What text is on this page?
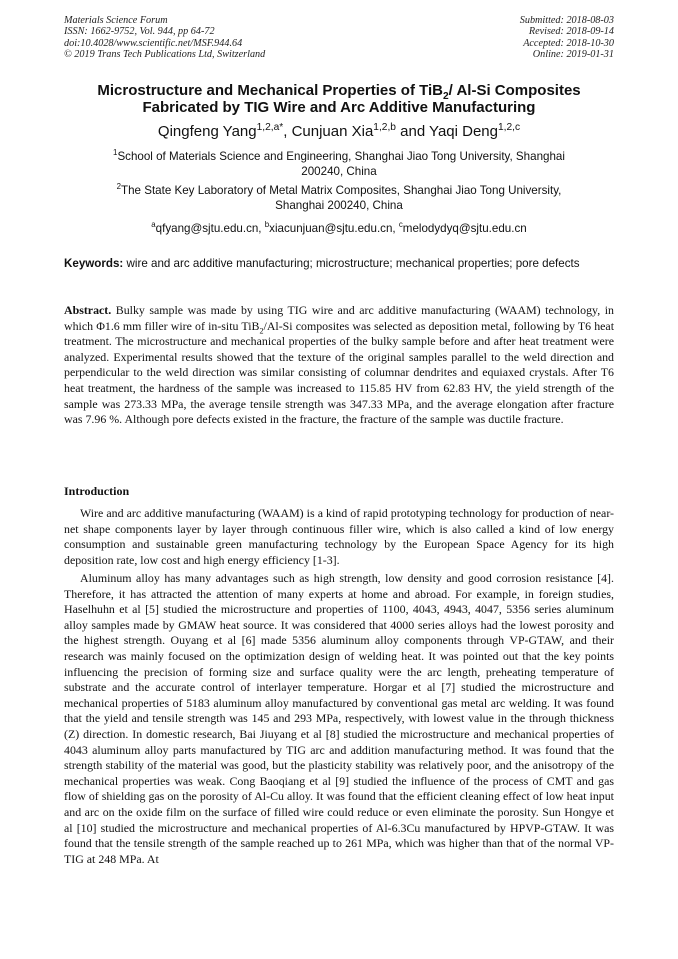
Materials Science Forum
ISSN: 1662-9752, Vol. 944, pp 64-72
doi:10.4028/www.scientific.net/MSF.944.64
© 2019 Trans Tech Publications Ltd, Switzerland
Submitted: 2018-08-03
Revised: 2018-09-14
Accepted: 2018-10-30
Online: 2019-01-31
Microstructure and Mechanical Properties of TiB$_2$/ Al-Si Composites
Fabricated by TIG Wire and Arc Additive Manufacturing
Qingfeng Yang$^{1,2,a*}$, Cunjuan Xia$^{1,2,b}$ and Yaqi Deng$^{1,2,c}$
$^1$School of Materials Science and Engineering, Shanghai Jiao Tong University, Shanghai
200240, China
$^2$The State Key Laboratory of Metal Matrix Composites, Shanghai Jiao Tong University,
Shanghai 200240, China
$^a$qfyang@sjtu.edu.cn, $^b$xiacunjuan@sjtu.edu.cn, $^c$melodydyq@sjtu.edu.cn
Keywords: wire and arc additive manufacturing; microstructure; mechanical properties; pore defects
Abstract. Bulky sample was made by using TIG wire and arc additive manufacturing (WAAM) technology, in which Φ1.6 mm filler wire of in-situ TiB$_2$/Al-Si composites was selected as deposition metal, following by T6 heat treatment. The microstructure and mechanical properties of the bulky sample before and after heat treatment were analyzed. Experimental results showed that the texture of the original samples parallel to the weld direction and perpendicular to the weld direction was similar consisting of columnar dendrites and equiaxed crystals. After T6 heat treatment, the hardness of the sample was increased to 115.85 HV from 62.83 HV, the yield strength of the sample was 273.33 MPa, the average tensile strength was 347.33 MPa, and the average elongation after fracture was 7.96 %. Although pore defects existed in the fracture, the fracture of the sample was ductile fracture.
Introduction
Wire and arc additive manufacturing (WAAM) is a kind of rapid prototyping technology for production of near-net shape components layer by layer through continuous filler wire, which is also called a kind of low energy consumption and sustainable green manufacturing technology by the European Space Agency for its high deposition rate, low cost and high energy efficiency [1-3].
Aluminum alloy has many advantages such as high strength, low density and good corrosion resistance [4]. Therefore, it has attracted the attention of many experts at home and abroad. For example, in foreign studies, Haselhuhn et al [5] studied the microstructure and properties of 1100, 4043, 4943, 4047, 5356 series aluminum alloy samples made by GMAW heat source. It was considered that 4000 series alloys had the lowest porosity and the highest strength. Ouyang et al [6] made 5356 aluminum alloy components through VP-GTAW, and their research was mainly focused on the optimization design of welding heat. It was pointed out that the key points influencing the precision of forming size and surface quality were the arc length, preheating temperature of substrate and the accurate control of interlayer temperature. Horgar et al [7] studied the microstructure and mechanical properties of 5183 aluminum alloy manufactured by conventional gas metal arc welding. It was found that the yield and tensile strength was 145 and 293 MPa, respectively, with lowest value in the through thickness (Z) direction. In domestic research, Bai Jiuyang et al [8] studied the microstructure and mechanical properties of 4043 aluminum alloy parts manufactured by TIG arc and addition manufacturing method. It was found that the strength stability of the material was good, but the plasticity stability was relatively poor, and the anisotropy of the mechanical properties was weak. Cong Baoqiang et al [9] studied the influence of the process of CMT and gas flow of shielding gas on the porosity of Al-Cu alloy. It was found that the efficient cleaning effect of low heat input and arc on the oxide film on the surface of filled wire could reduce or even eliminate the porosity. Sun Hongye et al [10] studied the microstructure and mechanical properties of Al-6.3Cu manufactured by HPVP-GTAW. It was found that the tensile strength of the sample reached up to 261 MPa, which was higher than that of the normal VP-TIG at 248 MPa. At
